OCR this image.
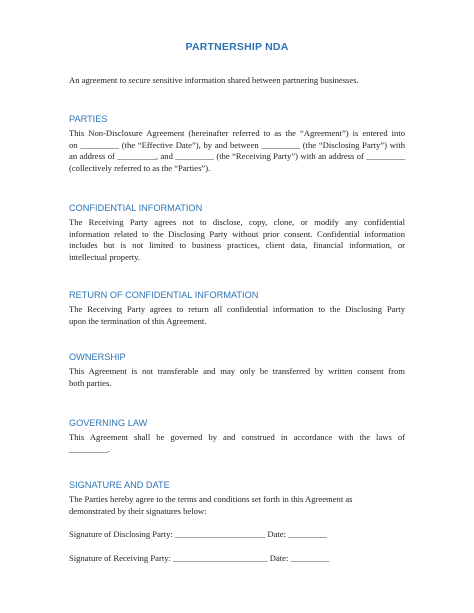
PARTNERSHIP NDA
An agreement to secure sensitive information shared between partnering businesses.
PARTIES
This Non-Disclosure Agreement (hereinafter referred to as the “Agreement”) is entered into
on _________ (the “Effective Date”), by and between _________ (the “Disclosing Party”) with
an address of _________, and _________ (the “Receiving Party”) with an address of _________
(collectively referred to as the “Parties”).
CONFIDENTIAL INFORMATION
The Receiving Party agrees not to disclose, copy, clone, or modify any confidential
information related to the Disclosing Party without prior consent. Confidential information
includes but is not limited to business practices, client data, financial information, or
intellectual property.
RETURN OF CONFIDENTIAL INFORMATION
The Receiving Party agrees to return all confidential information to the Disclosing Party
upon the termination of this Agreement.
OWNERSHIP
This Agreement is not transferable and may only be transferred by written consent from
both parties.
GOVERNING LAW
This Agreement shall be governed by and construed in accordance with the laws of
_________.
SIGNATURE AND DATE
The Parties hereby agree to the terms and conditions set forth in this Agreement as
demonstrated by their signatures below:
Signature of Disclosing Party: _____________________ Date: _________
Signature of Receiving Party: ______________________ Date: _________
